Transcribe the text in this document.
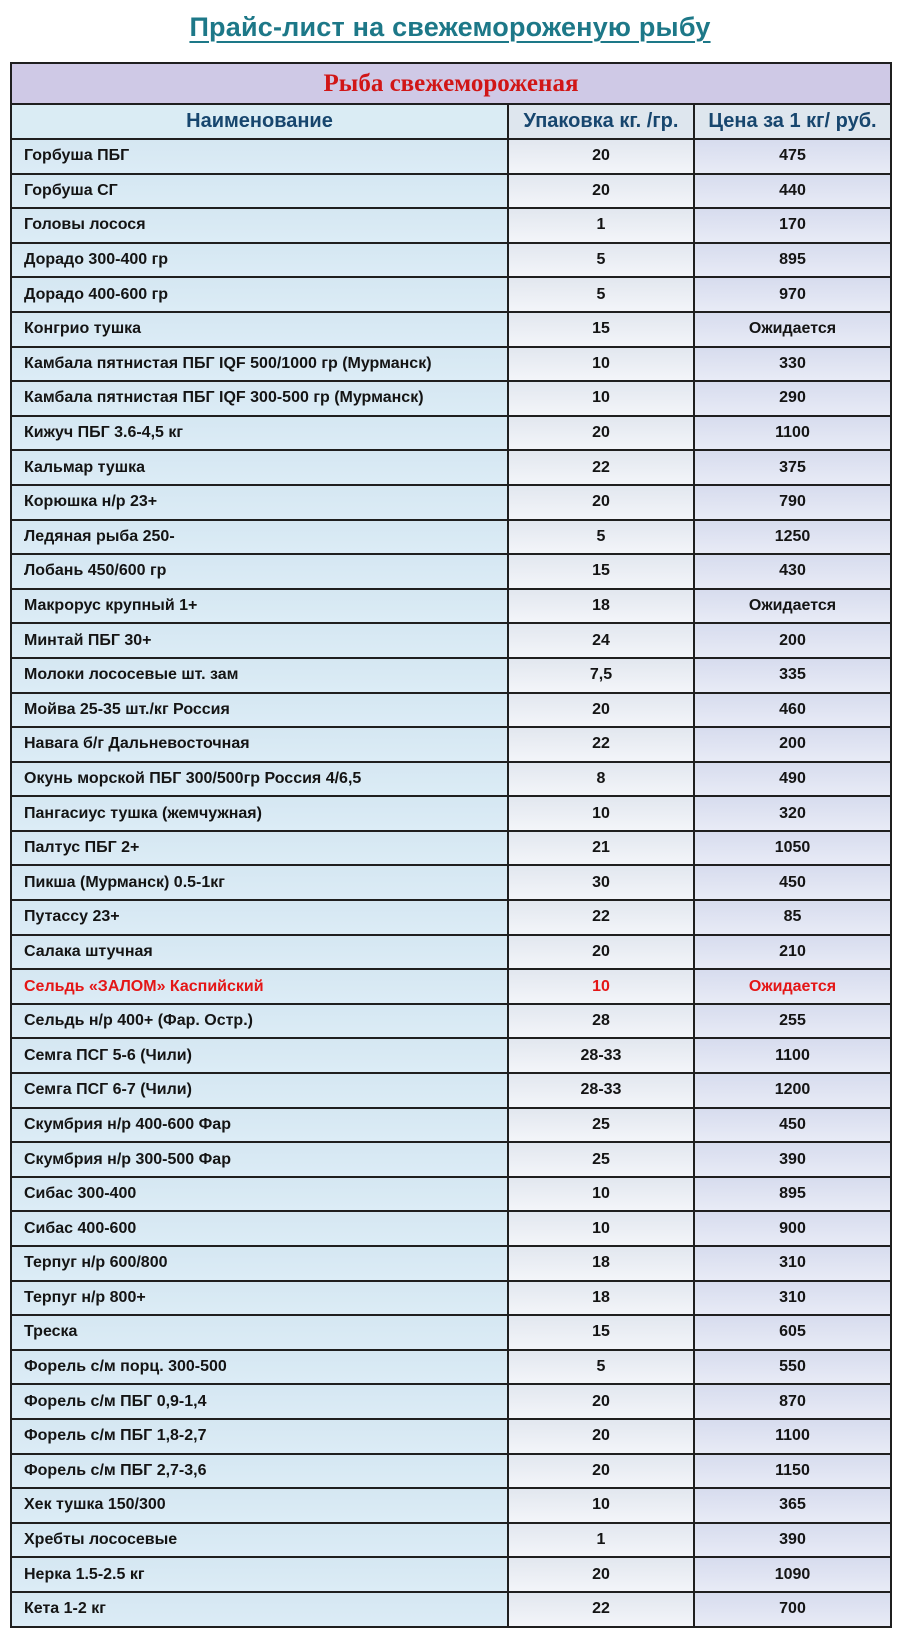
Прайс-лист на свежемороженую рыбу
Рыба свежемороженая		
Наименование	Упаковка кг. /гр.	Цена за 1 кг/ руб.
Горбуша ПБГ	20	475
Горбуша СГ	20	440
Головы лосося	1	170
Дорадо 300-400 гр	5	895
Дорадо 400-600 гр	5	970
Конгрио тушка	15	Ожидается
Камбала пятнистая ПБГ IQF 500/1000 гр (Мурманск)	10	330
Камбала пятнистая ПБГ IQF 300-500 гр (Мурманск)	10	290
Кижуч ПБГ 3.6-4,5 кг	20	1100
Кальмар тушка	22	375
Корюшка н/р 23+	20	790
Ледяная рыба 250-	5	1250
Лобань 450/600 гр	15	430
Макрорус крупный 1+	18	Ожидается
Минтай ПБГ 30+	24	200
Молоки лососевые шт. зам	7,5	335
Мойва 25-35 шт./кг Россия	20	460
Навага б/г Дальневосточная	22	200
Окунь морской ПБГ 300/500гр Россия 4/6,5	8	490
Пангасиус тушка (жемчужная)	10	320
Палтус ПБГ 2+	21	1050
Пикша (Мурманск) 0.5-1кг	30	450
Путассу 23+	22	85
Салака штучная	20	210
Сельдь «ЗАЛОМ» Каспийский	10	Ожидается
Сельдь н/р 400+ (Фар. Остр.)	28	255
Семга ПСГ 5-6 (Чили)	28-33	1100
Семга ПСГ 6-7 (Чили)	28-33	1200
Скумбрия н/р 400-600 Фар	25	450
Скумбрия н/р 300-500 Фар	25	390
Сибас 300-400	10	895
Сибас 400-600	10	900
Терпуг н/р 600/800	18	310
Терпуг н/р 800+	18	310
Треска	15	605
Форель с/м порц. 300-500	5	550
Форель с/м ПБГ 0,9-1,4	20	870
Форель с/м ПБГ 1,8-2,7	20	1100
Форель с/м ПБГ 2,7-3,6	20	1150
Хек тушка 150/300	10	365
Хребты лососевые	1	390
Нерка 1.5-2.5 кг	20	1090
Кета 1-2 кг	22	700
